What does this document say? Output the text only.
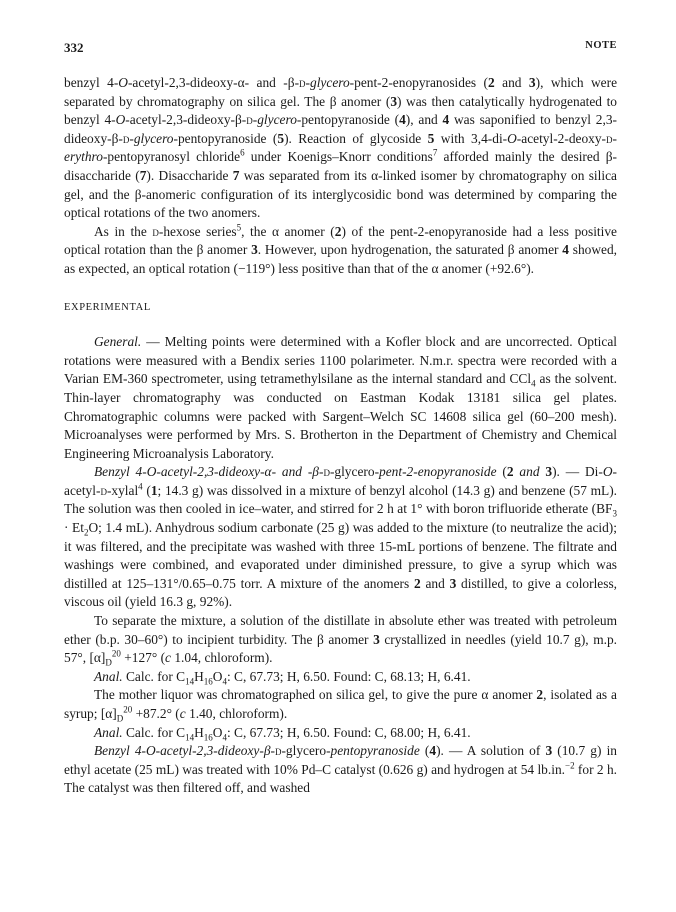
332	NOTE

benzyl 4-O-acetyl-2,3-dideoxy-α- and -β-d-glycero-pent-2-enopyranosides (2 and 3), which were separated by chromatography on silica gel. The β anomer (3) was then catalytically hydrogenated to benzyl 4-O-acetyl-2,3-dideoxy-β-d-glycero-pentopyranoside (4), and 4 was saponified to benzyl 2,3-dideoxy-β-d-glycero-pentopyranoside (5). Reaction of glycoside 5 with 3,4-di-O-acetyl-2-deoxy-d-erythro-pentopyranosyl chloride$^6$ under Koenigs–Knorr conditions$^7$ afforded mainly the desired β-disaccharide (7). Disaccharide 7 was separated from its α-linked isomer by chromatography on silica gel, and the β-anomeric configuration of its interglycosidic bond was determined by comparing the optical rotations of the two anomers.

As in the d-hexose series$^5$, the α anomer (2) of the pent-2-enopyranoside had a less positive optical rotation than the β anomer 3. However, upon hydrogenation, the saturated β anomer 4 showed, as expected, an optical rotation (−119°) less positive than that of the α anomer (+92.6°).

EXPERIMENTAL

General. — Melting points were determined with a Kofler block and are uncorrected. Optical rotations were measured with a Bendix series 1100 polarimeter. N.m.r. spectra were recorded with a Varian EM-360 spectrometer, using tetramethylsilane as the internal standard and CCl$_4$ as the solvent. Thin-layer chromatography was conducted on Eastman Kodak 13181 silica gel plates. Chromatographic columns were packed with Sargent–Welch SC 14608 silica gel (60–200 mesh). Microanalyses were performed by Mrs. S. Brotherton in the Department of Chemistry and Chemical Engineering Microanalysis Laboratory.

Benzyl 4-O-acetyl-2,3-dideoxy-α- and -β-d-glycero-pent-2-enopyranoside (2 and 3). — Di-O-acetyl-d-xylal$^4$ (1; 14.3 g) was dissolved in a mixture of benzyl alcohol (14.3 g) and benzene (57 mL). The solution was then cooled in ice–water, and stirred for 2 h at 1° with boron trifluoride etherate ($BF_3 \cdot Et_2O$; 1.4 mL). Anhydrous sodium carbonate (25 g) was added to the mixture (to neutralize the acid); it was filtered, and the precipitate was washed with three 15-mL portions of benzene. The filtrate and washings were combined, and evaporated under diminished pressure, to give a syrup which was distilled at 125–131°/0.65–0.75 torr. A mixture of the anomers 2 and 3 distilled, to give a colorless, viscous oil (yield 16.3 g, 92%).

To separate the mixture, a solution of the distillate in absolute ether was treated with petroleum ether (b.p. 30–60°) to incipient turbidity. The β anomer 3 crystallized in needles (yield 10.7 g), m.p. 57°, $[\alpha]_D^{20} +127^\circ$ (c 1.04, chloroform).

Anal. Calc. for $C_{14}H_{16}O_4$: C, 67.73; H, 6.50. Found: C, 68.13; H, 6.41.

The mother liquor was chromatographed on silica gel, to give the pure α anomer 2, isolated as a syrup; $[\alpha]_D^{20} +87.2^\circ$ (c 1.40, chloroform).

Anal. Calc. for $C_{14}H_{16}O_4$: C, 67.73; H, 6.50. Found: C, 68.00; H, 6.41.

Benzyl 4-O-acetyl-2,3-dideoxy-β-d-glycero-pentopyranoside (4). — A solution of 3 (10.7 g) in ethyl acetate (25 mL) was treated with 10% Pd–C catalyst (0.626 g) and hydrogen at 54 lb.in.$^{-2}$ for 2 h. The catalyst was then filtered off, and washed
